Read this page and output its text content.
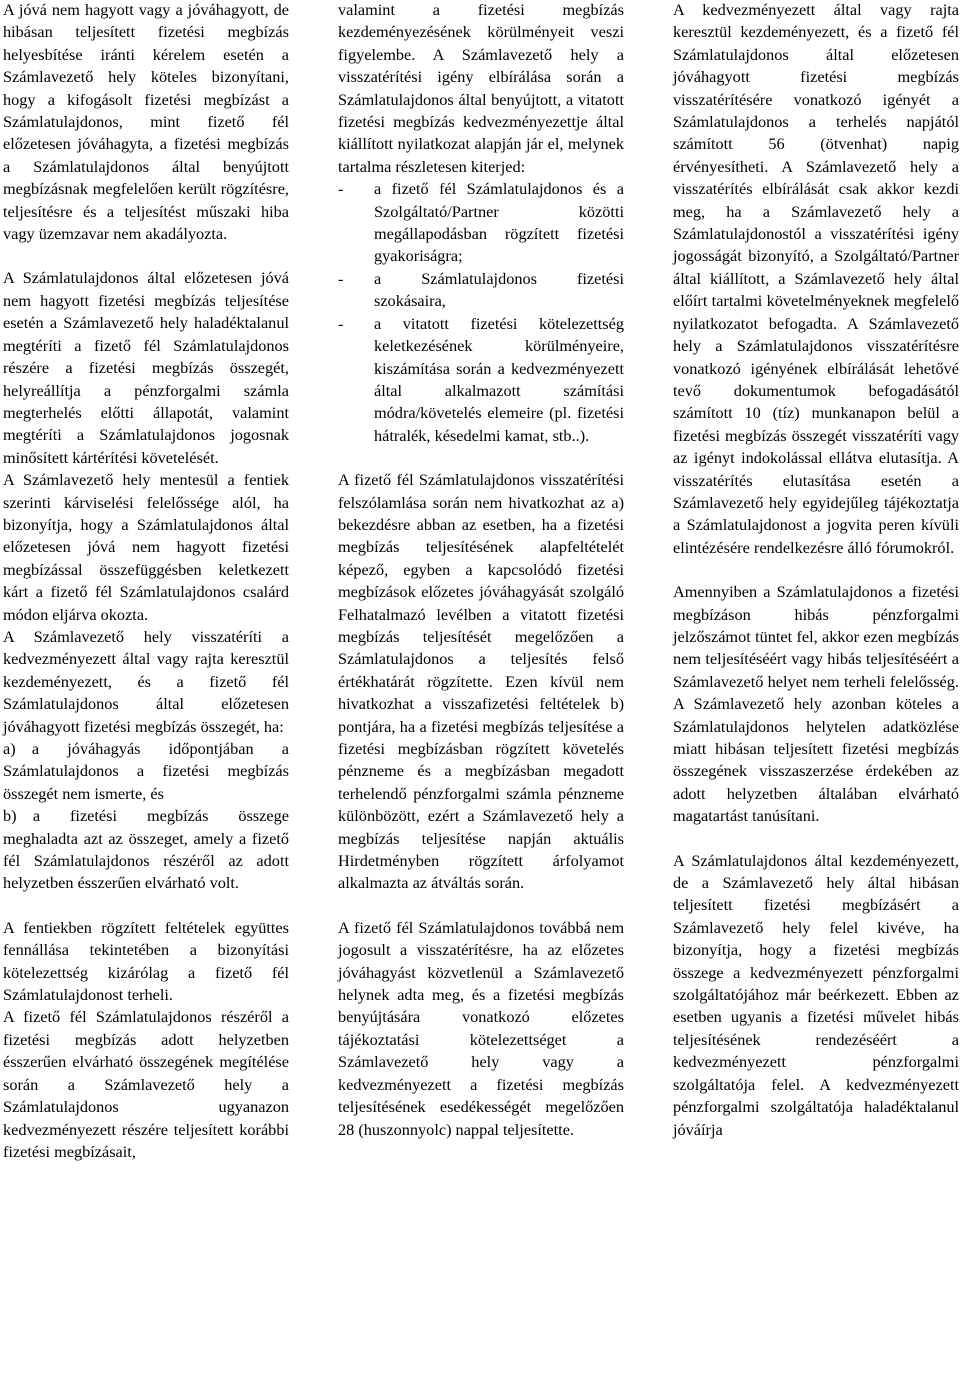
A jóvá nem hagyott vagy a jóváhagyott, de hibásan teljesített fizetési megbízás helyesbítése iránti kérelem esetén a Számlavezető hely köteles bizonyítani, hogy a kifogásolt fizetési megbízást a Számlatulajdonos, mint fizető fél előzetesen jóváhagyta, a fizetési megbízás a Számlatulajdonos által benyújtott megbízásnak megfelelően került rögzítésre, teljesítésre és a teljesítést műszaki hiba vagy üzemzavar nem akadályozta.

A Számlatulajdonos által előzetesen jóvá nem hagyott fizetési megbízás teljesítése esetén a Számlavezető hely haladéktalanul megtéríti a fizető fél Számlatulajdonos részére a fizetési megbízás összegét, helyreállítja a pénzforgalmi számla megterhelés előtti állapotát, valamint megtéríti a Számlatulajdonos jogosnak minősített kártérítési követelését.

A Számlavezető hely mentesül a fentiek szerinti kárviselési felelőssége alól, ha bizonyítja, hogy a Számlatulajdonos által előzetesen jóvá nem hagyott fizetési megbízással összefüggésben keletkezett kárt a fizető fél Számlatulajdonos csalárd módon eljárva okozta.

A Számlavezető hely visszatéríti a kedvezményezett által vagy rajta keresztül kezdeményezett, és a fizető fél Számlatulajdonos által előzetesen jóváhagyott fizetési megbízás összegét, ha:

a) a jóváhagyás időpontjában a Számlatulajdonos a fizetési megbízás összegét nem ismerte, és

b) a fizetési megbízás összege meghaladta azt az összeget, amely a fizető fél Számlatulajdonos részéről az adott helyzetben ésszerűen elvárható volt.

A fentiekben rögzített feltételek együttes fennállása tekintetében a bizonyítási kötelezettség kizárólag a fizető fél Számlatulajdonost terheli.

A fizető fél Számlatulajdonos részéről a fizetési megbízás adott helyzetben ésszerűen elvárható összegének megítélése során a Számlavezető hely a Számlatulajdonos ugyanazon kedvezményezett részére teljesített korábbi fizetési megbízásait,

valamint a fizetési megbízás kezdeményezésének körülményeit veszi figyelembe. A Számlavezető hely a visszatérítési igény elbírálása során a Számlatulajdonos által benyújtott, a vitatott fizetési megbízás kedvezményezettje által kiállított nyilatkozat alapján jár el, melynek tartalma részletesen kiterjed:

-	a fizető fél Számlatulajdonos és a Szolgáltató/Partner közötti megállapodásban rögzített fizetési gyakoriságra;
-	a Számlatulajdonos fizetési szokásaira,
-	a vitatott fizetési kötelezettség keletkezésének körülményeire, kiszámítása során a kedvezményezett által alkalmazott számítási módra/követelés elemeire (pl. fizetési hátralék, késedelmi kamat, stb..).

A fizető fél Számlatulajdonos visszatérítési felszólamlása során nem hivatkozhat az a) bekezdésre abban az esetben, ha a fizetési megbízás teljesítésének alapfeltételét képező, egyben a kapcsolódó fizetési megbízások előzetes jóváhagyását szolgáló Felhatalmazó levélben a vitatott fizetési megbízás teljesítését megelőzően a Számlatulajdonos a teljesítés felső értékhatárát rögzítette. Ezen kívül nem hivatkozhat a visszafizetési feltételek b) pontjára, ha a fizetési megbízás teljesítése a fizetési megbízásban rögzített követelés pénzneme és a megbízásban megadott terhelendő pénzforgalmi számla pénzneme különbözött, ezért a Számlavezető hely a megbízás teljesítése napján aktuális Hirdetményben rögzített árfolyamot alkalmazta az átváltás során.

A fizető fél Számlatulajdonos továbbá nem jogosult a visszatérítésre, ha az előzetes jóváhagyást közvetlenül a Számlavezető helynek adta meg, és a fizetési megbízás benyújtására vonatkozó előzetes tájékoztatási kötelezettséget a Számlavezető hely vagy a kedvezményezett a fizetési megbízás teljesítésének esedékességét megelőzően 28 (huszonnyolc) nappal teljesítette.

A kedvezményezett által vagy rajta keresztül kezdeményezett, és a fizető fél Számlatulajdonos által előzetesen jóváhagyott fizetési megbízás visszatérítésére vonatkozó igényét a Számlatulajdonos a terhelés napjától számított 56 (ötvenhat) napig érvényesítheti. A Számlavezető hely a visszatérítés elbírálását csak akkor kezdi meg, ha a Számlavezető hely a Számlatulajdonostól a visszatérítési igény jogosságát bizonyító, a Szolgáltató/Partner által kiállított, a Számlavezető hely által előírt tartalmi követelményeknek megfelelő nyilatkozatot befogadta. A Számlavezető hely a Számlatulajdonos visszatérítésre vonatkozó igényének elbírálását lehetővé tevő dokumentumok befogadásától számított 10 (tíz) munkanapon belül a fizetési megbízás összegét visszatéríti vagy az igényt indokolással ellátva elutasítja. A visszatérítés elutasítása esetén a Számlavezető hely egyidejűleg tájékoztatja a Számlatulajdonost a jogvita peren kívüli elintézésére rendelkezésre álló fórumokról.

Amennyiben a Számlatulajdonos a fizetési megbízáson hibás pénzforgalmi jelzőszámot tüntet fel, akkor ezen megbízás nem teljesítéséért vagy hibás teljesítéséért a Számlavezető helyet nem terheli felelősség. A Számlavezető hely azonban köteles a Számlatulajdonos helytelen adatközlése miatt hibásan teljesített fizetési megbízás összegének visszaszerzése érdekében az adott helyzetben általában elvárható magatartást tanúsítani.

A Számlatulajdonos által kezdeményezett, de a Számlavezető hely által hibásan teljesített fizetési megbízásért a Számlavezető hely felel kivéve, ha bizonyítja, hogy a fizetési megbízás összege a kedvezményezett pénzforgalmi szolgáltatójához már beérkezett. Ebben az esetben ugyanis a fizetési művelet hibás teljesítésének rendezéséért a kedvezményezett pénzforgalmi szolgáltatója felel. A kedvezményezett pénzforgalmi szolgáltatója haladéktalanul jóváírja
